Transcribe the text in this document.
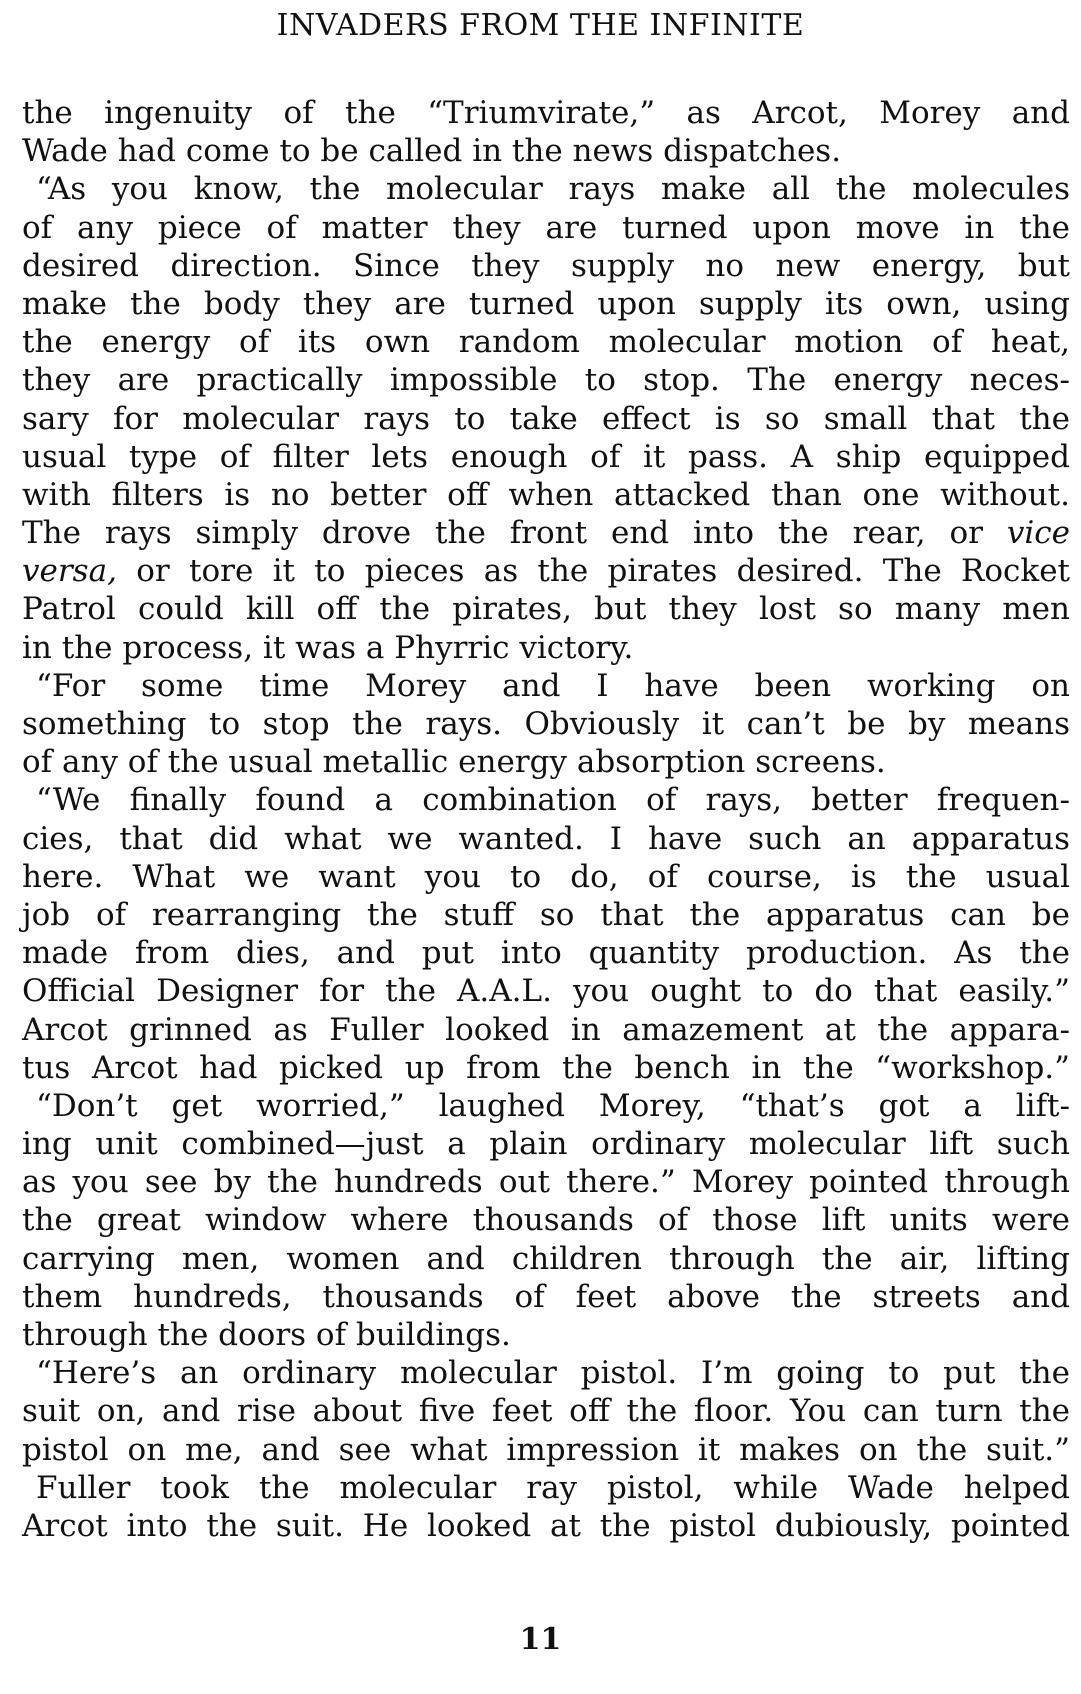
INVADERS FROM THE INFINITE
the ingenuity of the “Triumvirate,” as Arcot, Morey and
Wade had come to be called in the news dispatches.
“As you know, the molecular rays make all the molecules
of any piece of matter they are turned upon move in the
desired direction. Since they supply no new energy, but
make the body they are turned upon supply its own, using
the energy of its own random molecular motion of heat,
they are practically impossible to stop. The energy neces-
sary for molecular rays to take effect is so small that the
usual type of filter lets enough of it pass. A ship equipped
with filters is no better off when attacked than one without.
The rays simply drove the front end into the rear, or vice
versa, or tore it to pieces as the pirates desired. The Rocket
Patrol could kill off the pirates, but they lost so many men
in the process, it was a Phyrric victory.
“For some time Morey and I have been working on
something to stop the rays. Obviously it can’t be by means
of any of the usual metallic energy absorption screens.
“We finally found a combination of rays, better frequen-
cies, that did what we wanted. I have such an apparatus
here. What we want you to do, of course, is the usual
job of rearranging the stuff so that the apparatus can be
made from dies, and put into quantity production. As the
Official Designer for the A.A.L. you ought to do that easily.”
Arcot grinned as Fuller looked in amazement at the appara-
tus Arcot had picked up from the bench in the “workshop.”
“Don’t get worried,” laughed Morey, “that’s got a lift-
ing unit combined—just a plain ordinary molecular lift such
as you see by the hundreds out there.” Morey pointed through
the great window where thousands of those lift units were
carrying men, women and children through the air, lifting
them hundreds, thousands of feet above the streets and
through the doors of buildings.
“Here’s an ordinary molecular pistol. I’m going to put the
suit on, and rise about five feet off the floor. You can turn the
pistol on me, and see what impression it makes on the suit.”
Fuller took the molecular ray pistol, while Wade helped
Arcot into the suit. He looked at the pistol dubiously, pointed
11
